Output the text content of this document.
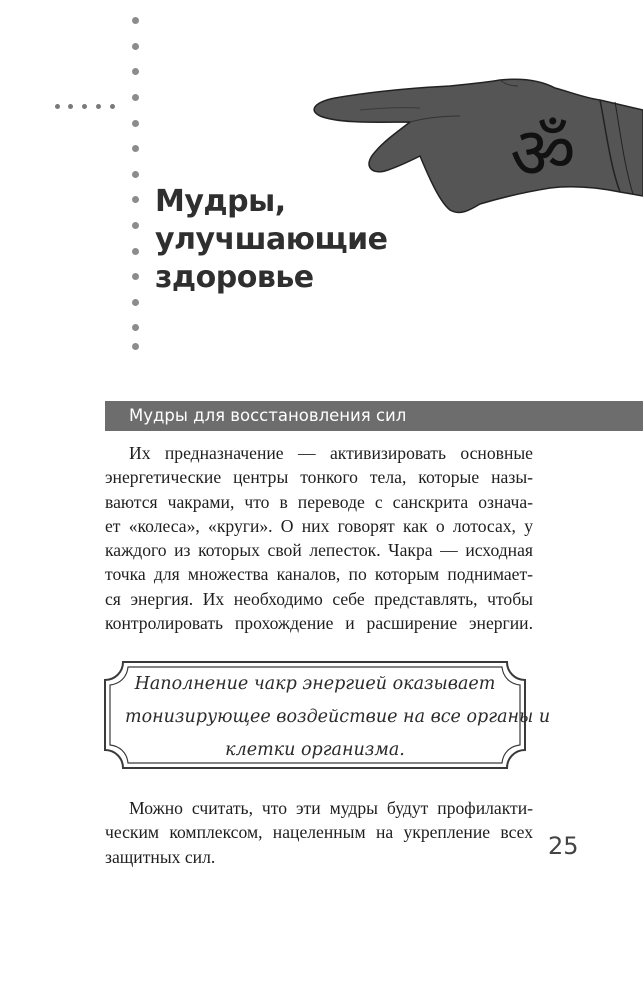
ॐ
Мудры,
улучшающие
здоровье
Мудры для восстановления сил
Их предназначение — активизировать основные
энергетические центры тонкого тела, которые назы-
ваются чакрами, что в переводе с санскрита означа-
ет «колеса», «круги». О них говорят как о лотосах, у
каждого из которых свой лепесток. Чакра — исходная
точка для множества каналов, по которым поднимает-
ся энергия. Их необходимо себе представлять, чтобы
контролировать прохождение и расширение энергии.
Наполнение чакр энергией оказывает
тонизирующее воздействие на все органы и
клетки организма.
Можно считать, что эти мудры будут профилакти-
ческим комплексом, нацеленным на укрепление всех
защитных сил.	25
